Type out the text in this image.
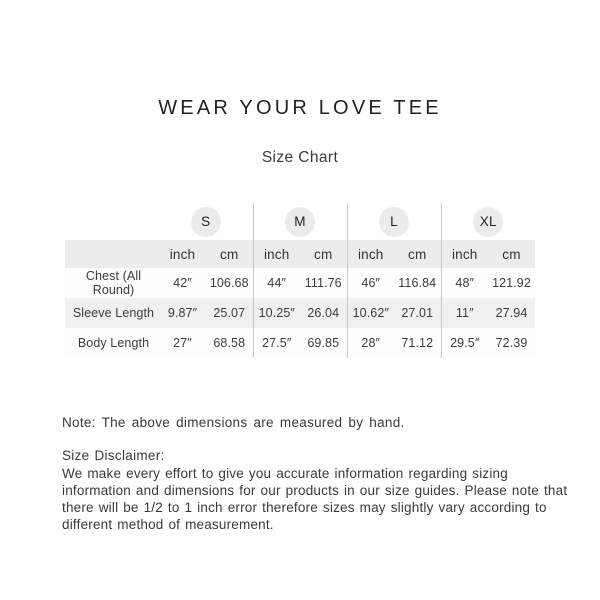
WEAR YOUR LOVE TEE
Size Chart
	S		M		L		XL	
	inch	cm	inch	cm	inch	cm	inch	cm
Chest (All Round)	42″	106.68	44″	111.76	46″	116.84	48″	121.92
Sleeve Length	9.87″	25.07	10.25″	26.04	10.62″	27.01	11″	27.94
Body Length	27″	68.58	27.5″	69.85	28″	71.12	29.5″	72.39
Note: The above dimensions are measured by hand.
Size Disclaimer:
We make every effort to give you accurate information regarding sizing
information and dimensions for our products in our size guides. Please note that
there will be 1/2 to 1 inch error therefore sizes may slightly vary according to
different method of measurement.
